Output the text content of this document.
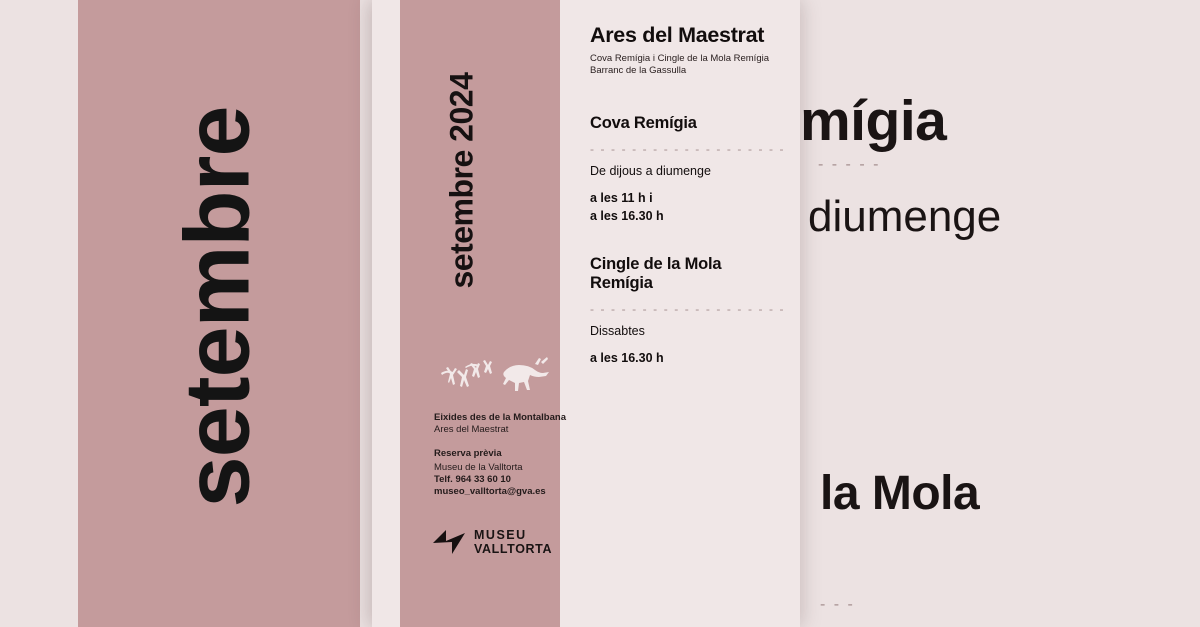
setembre	mígia
- - - - -
diumenge
la Mola
- - -
setembre 2024
Eixides des de la Montalbana
Ares del Maestrat
Reserva prèvia
Museu de la Valltorta
Telf. 964 33 60 10
museo_valltorta@gva.es
MUSEU
VALLTORTA
Ares del Maestrat
Cova Remígia i Cingle de la Mola Remígia
Barranc de la Gassulla
Cova Remígia
- - - - - - - - - - - - - - - - - - -
De dijous a diumenge
a les 11 h i
a les 16.30 h
Cingle de la Mola Remígia
- - - - - - - - - - - - - - - - - - -
Dissabtes
a les 16.30 h
